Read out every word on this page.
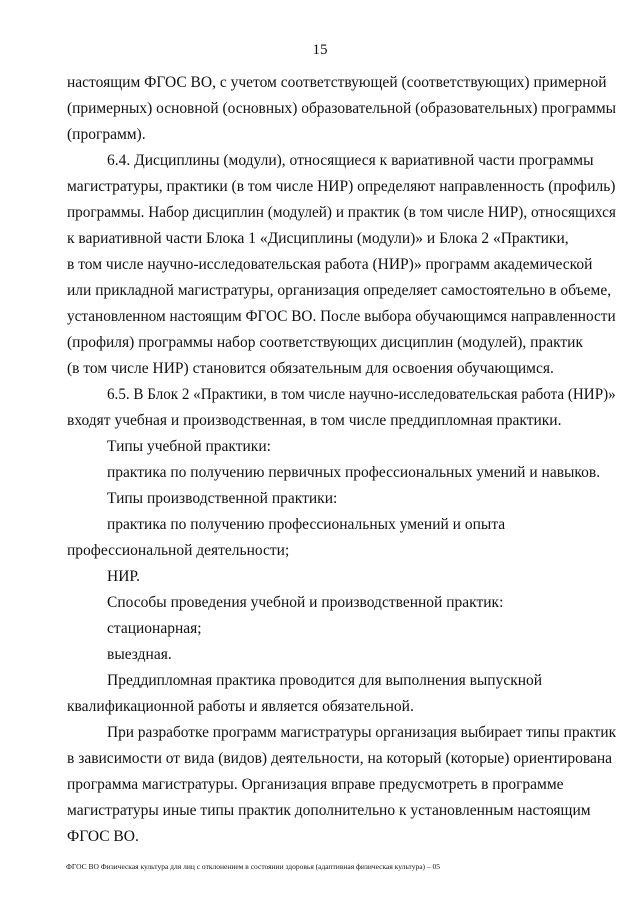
15
настоящим ФГОС ВО, с учетом соответствующей (соответствующих) примерной
(примерных) основной (основных) образовательной (образовательных) программы
(программ).
6.4. Дисциплины (модули), относящиеся к вариативной части программы
магистратуры, практики (в том числе НИР) определяют направленность (профиль)
программы. Набор дисциплин (модулей) и практик (в том числе НИР), относящихся
к вариативной части Блока 1 «Дисциплины (модули)» и Блока 2 «Практики,
в том числе научно-исследовательская работа (НИР)» программ академической
или прикладной магистратуры, организация определяет самостоятельно в объеме,
установленном настоящим ФГОС ВО. После выбора обучающимся направленности
(профиля) программы набор соответствующих дисциплин (модулей), практик
(в том числе НИР) становится обязательным для освоения обучающимся.
6.5. В Блок 2 «Практики, в том числе научно-исследовательская работа (НИР)»
входят учебная и производственная, в том числе преддипломная практики.
Типы учебной практики:
практика по получению первичных профессиональных умений и навыков.
Типы производственной практики:
практика по получению профессиональных умений и опыта
профессиональной деятельности;
НИР.
Способы проведения учебной и производственной практик:
стационарная;
выездная.
Преддипломная практика проводится для выполнения выпускной
квалификационной работы и является обязательной.
При разработке программ магистратуры организация выбирает типы практик
в зависимости от вида (видов) деятельности, на который (которые) ориентирована
программа магистратуры. Организация вправе предусмотреть в программе
магистратуры иные типы практик дополнительно к установленным настоящим
ФГОС ВО.
ФГОС ВО Физическая культура для лиц с отклонением в состоянии здоровья (адаптивная физическая культура) – 05
